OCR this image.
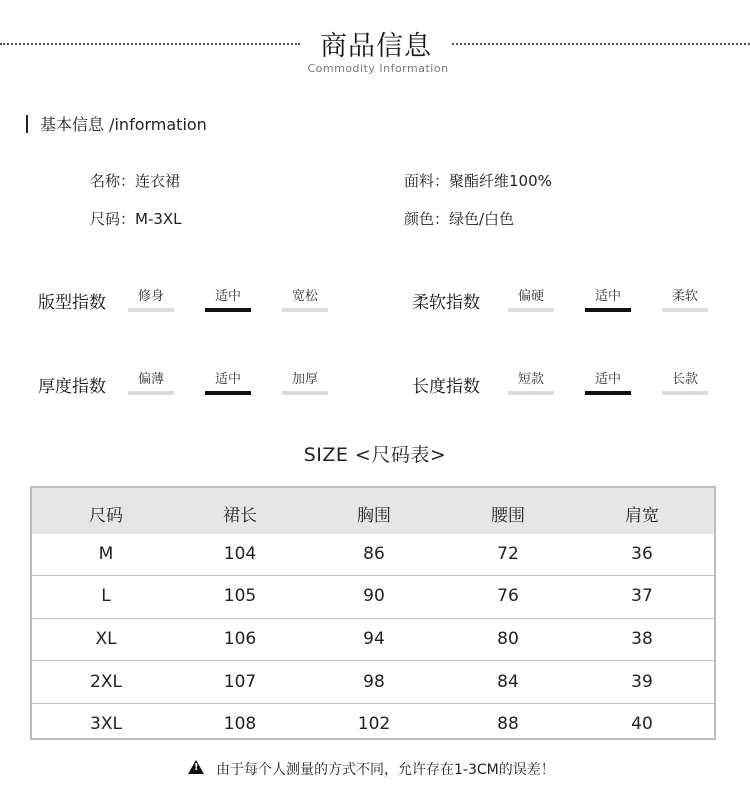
商品信息
Commodity Information
基本信息 /information
名称：连衣裙	面料：聚酯纤维100%
尺码：M-3XL	颜色：绿色/白色
版型指数	修身	适中	宽松	柔软指数	偏硬	适中	柔软
厚度指数	偏薄	适中	加厚	长度指数	短款	适中	长款
SIZE <尺码表>
尺码	裙长	胸围	腰围	肩宽
M	104	86	72	36
L	105	90	76	37
XL	106	94	80	38
2XL	107	98	84	39
3XL	108	102	88	40
!
由于每个人测量的方式不同，允许存在1-3CM的误差！
